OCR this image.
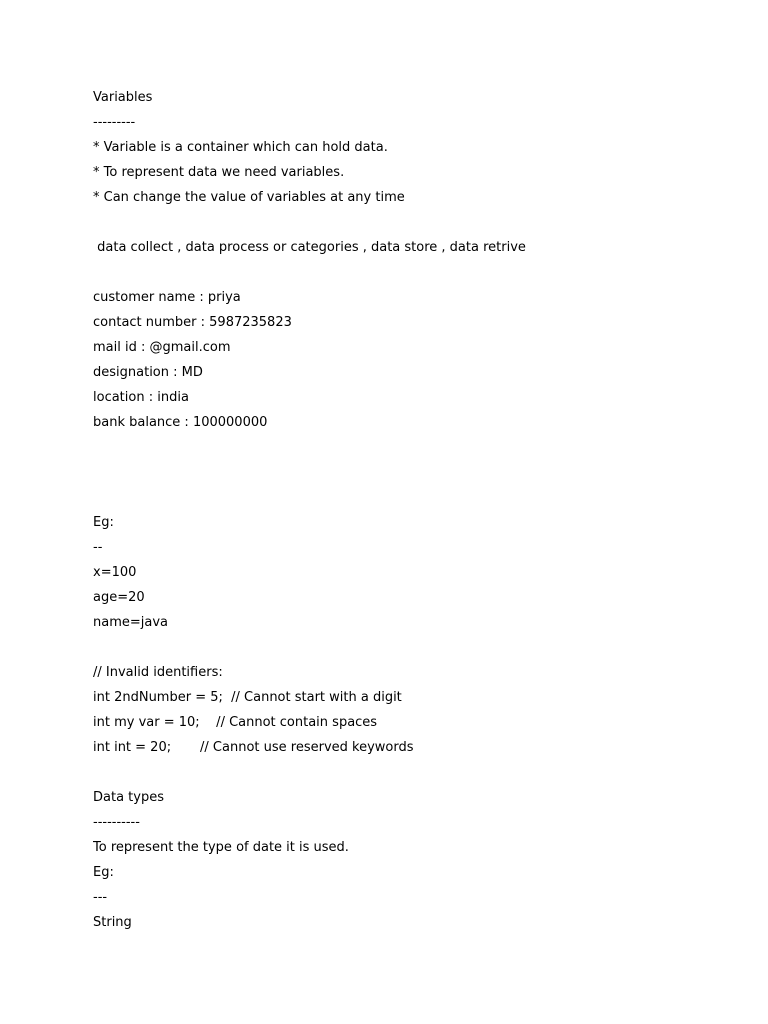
Variables
---------
* Variable is a container which can hold data.
* To represent data we need variables.
* Can change the value of variables at any time
data collect , data process or categories , data store , data retrive
customer name : priya
contact number : 5987235823
mail id : @gmail.com
designation : MD
location : india
bank balance : 100000000
Eg:
--
x=100
age=20
name=java
// Invalid identifiers:
int 2ndNumber = 5;  // Cannot start with a digit
int my var = 10;    // Cannot contain spaces
int int = 20;       // Cannot use reserved keywords
Data types
----------
To represent the type of date it is used.
Eg:
---
String
